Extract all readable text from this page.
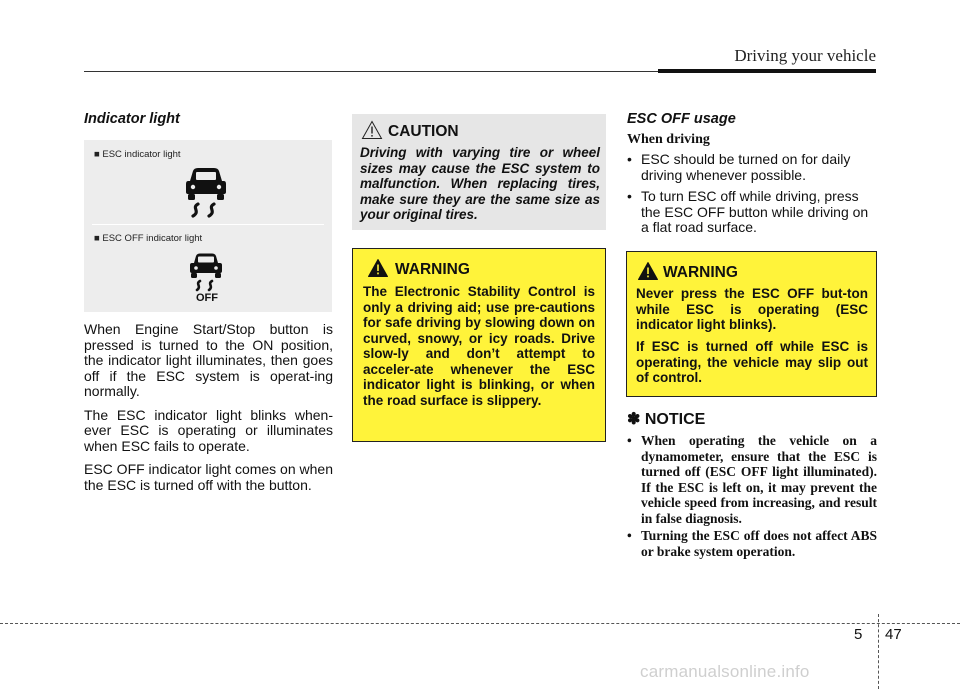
Driving your vehicle
Indicator light
■ ESC indicator light
■ ESC OFF indicator light
OFF

When Engine Start/Stop button is pressed is turned to the ON position, the indicator light illuminates, then goes off if the ESC system is operat-ing normally.

The ESC indicator light blinks when-ever ESC is operating or illuminates when ESC fails to operate.

ESC OFF indicator light comes on when the ESC is turned off with the button.

CAUTION

Driving with varying tire or wheel sizes may cause the ESC system to malfunction. When replacing tires, make sure they are the same size as your original tires.

WARNING

The Electronic Stability Control is only a driving aid; use pre-cautions for safe driving by slowing down on curved, snowy, or icy roads. Drive slow-ly and don’t attempt to acceler-ate whenever the ESC indicator light is blinking, or when the road surface is slippery.

ESC OFF usage
When driving
• ESC should be turned on for daily driving whenever possible.
• To turn ESC off while driving, press the ESC OFF button while driving on a flat road surface.
WARNING

Never press the ESC OFF but-ton while ESC is operating (ESC indicator light blinks).

If ESC is turned off while ESC is operating, the vehicle may slip out of control.

✽ NOTICE
• When operating the vehicle on a dynamometer, ensure that the ESC is turned off (ESC OFF light illuminated). If the ESC is left on, it may prevent the vehicle speed from increasing, and result in false diagnosis.
• Turning the ESC off does not affect ABS or brake system operation.
5 47
carmanualsonline.info
